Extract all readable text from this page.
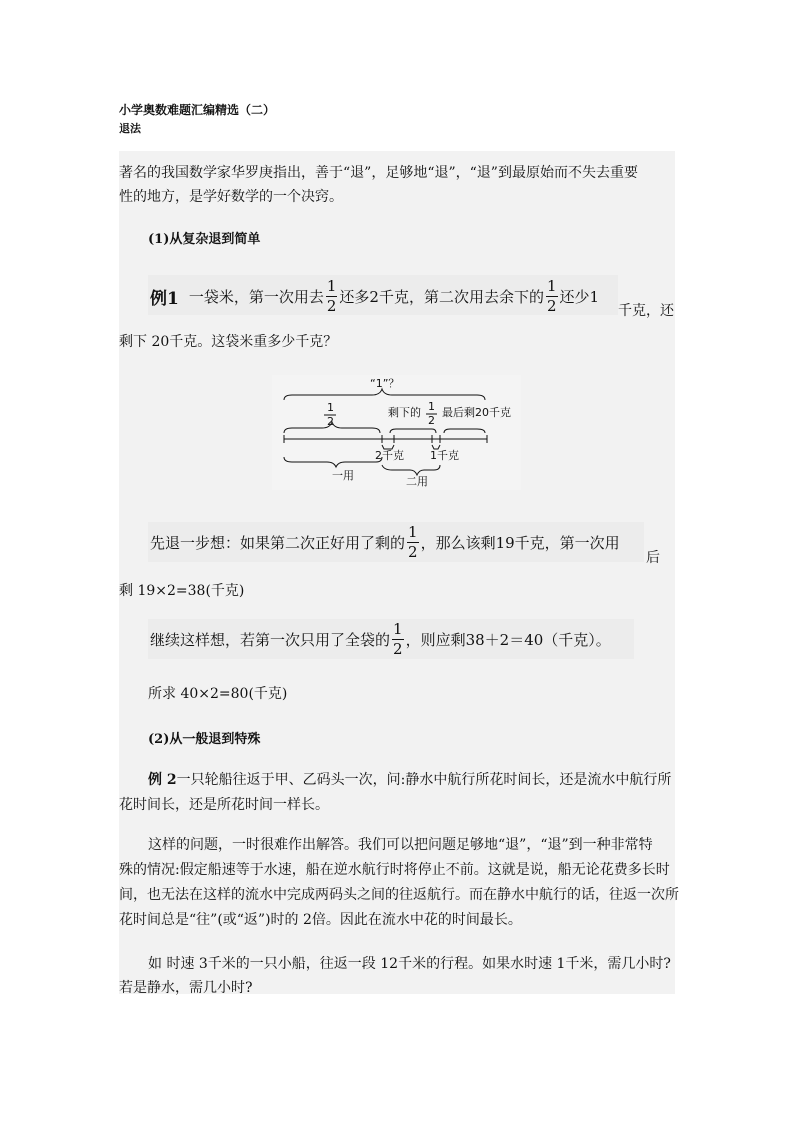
小学奥数难题汇编精选（二）
退法
著名的我国数学家华罗庚指出，善于“退”，足够地“退”，“退”到最原始而不失去重要
性的地方，是学好数学的一个决窍。
(1)从复杂退到简单
例1 一袋米，第一次用去 $\frac{1}{2}$ 还多2千克，第二次用去余下的 $\frac{1}{2}$ 还少1
千克，还
剩下 20千克。这袋米重多少千克？
“1”？
1
2
剩下的 1
2
最后剩20千克
2千克 1千克
一用	二用
先退一步想：如果第二次正好用了剩的 $\frac{1}{2}$ ，那么该剩19千克，第一次用
后
剩 19×2=38(千克)
继续这样想，若第一次只用了全袋的 $\frac{1}{2}$ ，则应剩38＋2＝40（千克）。
所求 40×2=80(千克)
(2)从一般退到特殊
例 2一只轮船往返于甲、乙码头一次，问:静水中航行所花时间长，还是流水中航行所
花时间长，还是所花时间一样长。
这样的问题，一时很难作出解答。我们可以把问题足够地“退”，“退”到一种非常特
殊的情况:假定船速等于水速，船在逆水航行时将停止不前。这就是说，船无论花费多长时
间，也无法在这样的流水中完成两码头之间的往返航行。而在静水中航行的话，往返一次所
花时间总是“往”(或“返”)时的 2倍。因此在流水中花的时间最长。
如 时速 3千米的一只小船，往返一段 12千米的行程。如果水时速 1千米，需几小时?
若是静水，需几小时?
